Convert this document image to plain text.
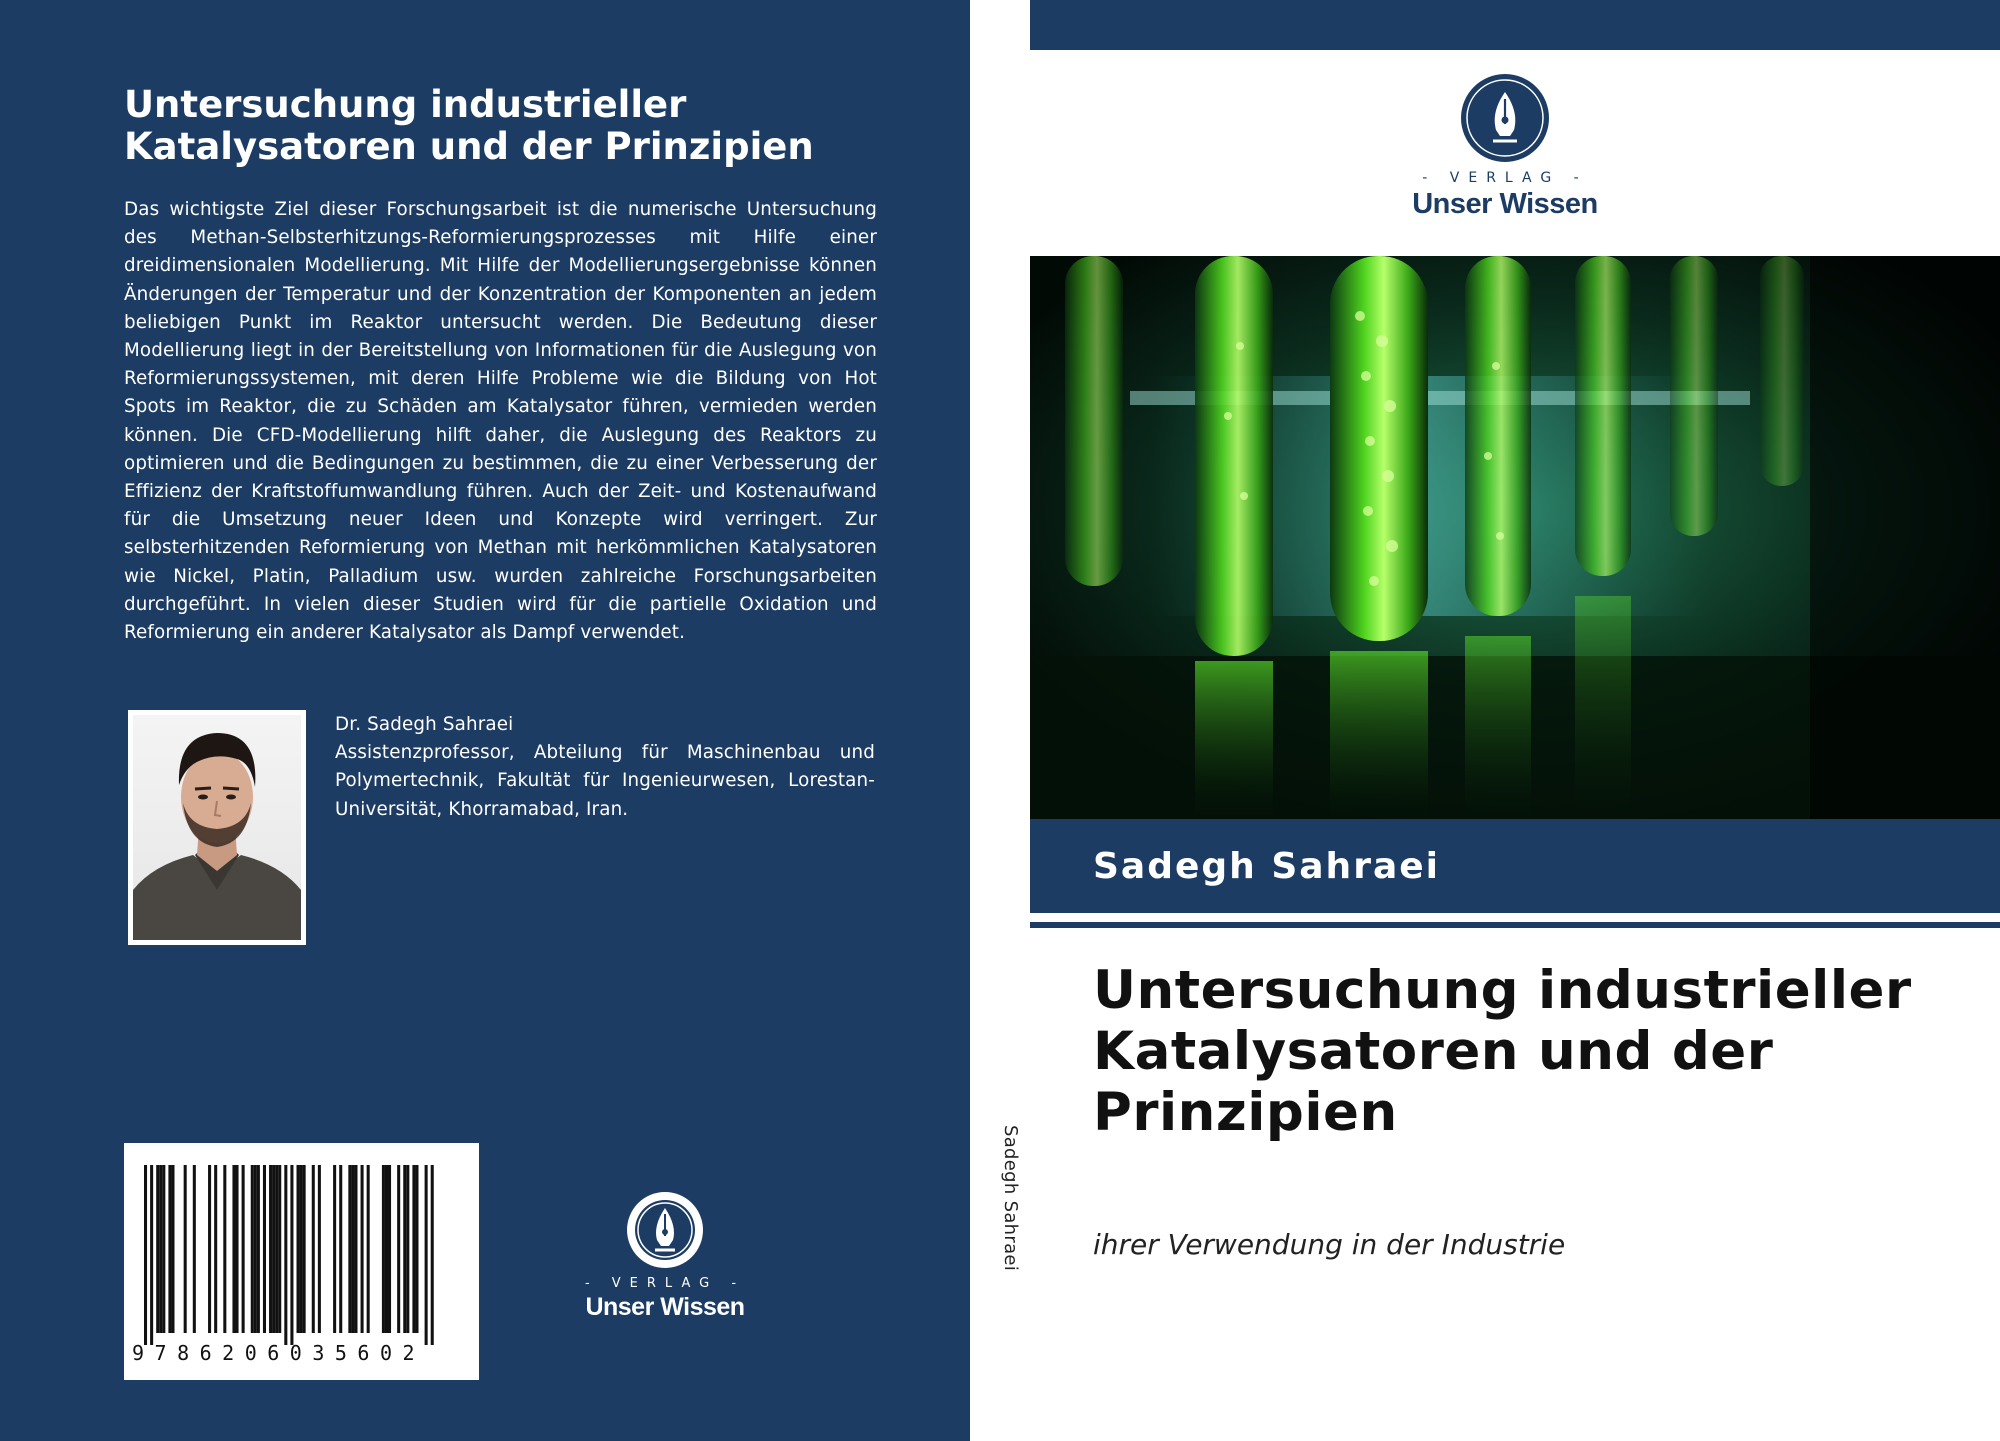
Untersuchung industrieller Katalysatoren und der Prinzipien

Das wichtigste Ziel dieser Forschungsarbeit ist die numerische Untersuchung des Methan-Selbsterhitzungs-Reformierungsprozesses mit Hilfe einer dreidimensionalen Modellierung. Mit Hilfe der Modellierungsergebnisse können Änderungen der Temperatur und der Konzentration der Komponenten an jedem beliebigen Punkt im Reaktor untersucht werden. Die Bedeutung dieser Modellierung liegt in der Bereitstellung von Informationen für die Auslegung von Reformierungssystemen, mit deren Hilfe Probleme wie die Bildung von Hot Spots im Reaktor, die zu Schäden am Katalysator führen, vermieden werden können. Die CFD-Modellierung hilft daher, die Auslegung des Reaktors zu optimieren und die Bedingungen zu bestimmen, die zu einer Verbesserung der Effizienz der Kraftstoffumwandlung führen. Auch der Zeit- und Kostenaufwand für die Umsetzung neuer Ideen und Konzepte wird verringert. Zur selbsterhitzenden Reformierung von Methan mit herkömmlichen Katalysatoren wie Nickel, Platin, Palladium usw. wurden zahlreiche Forschungsarbeiten durchgeführt. In vielen dieser Studien wird für die partielle Oxidation und Reformierung ein anderer Katalysator als Dampf verwendet.

Dr. Sadegh Sahraei
Assistenzprofessor, Abteilung für Maschinenbau und Polymertechnik, Fakultät für Ingenieurwesen, Lorestan-Universität, Khorramabad, Iran.

9786206035602
- VERLAG -
Unser Wissen
Sadegh Sahraei
- VERLAG -
Unser Wissen
Sadegh Sahraei
Untersuchung industrieller Katalysatoren und der Prinzipien
ihrer Verwendung in der Industrie
